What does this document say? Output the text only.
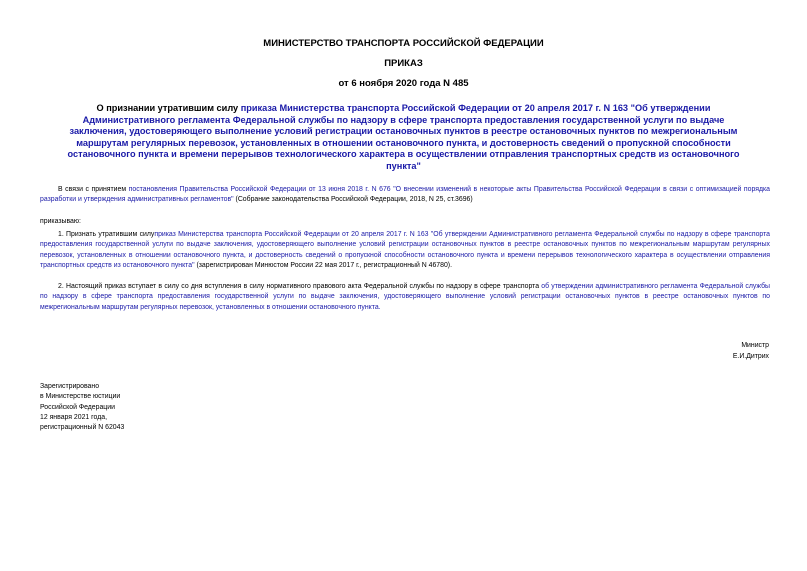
МИНИСТЕРСТВО ТРАНСПОРТА РОССИЙСКОЙ ФЕДЕРАЦИИ
ПРИКАЗ
от 6 ноября 2020 года N 485
О признании утратившим силу приказа Министерства транспорта Российской Федерации от 20 апреля 2017 г. N 163 "Об утверждении Административного регламента Федеральной службы по надзору в сфере транспорта предоставления государственной услуги по выдаче заключения, удостоверяющего выполнение условий регистрации остановочных пунктов в реестре остановочных пунктов по межрегиональным маршрутам регулярных перевозок, установленных в отношении остановочного пункта, и достоверность сведений о пропускной способности остановочного пункта и времени перерывов технологического характера в осуществлении отправления транспортных средств из остановочного пункта"
В связи с принятием постановления Правительства Российской Федерации от 13 июня 2018 г. N 676 "О внесении изменений в некоторые акты Правительства Российской Федерации в связи с оптимизацией порядка разработки и утверждения административных регламентов" (Собрание законодательства Российской Федерации, 2018, N 25, ст.3696)
приказываю:
1. Признать утратившим силуприказ Министерства транспорта Российской Федерации от 20 апреля 2017 г. N 163 "Об утверждении Административного регламента Федеральной службы по надзору в сфере транспорта предоставления государственной услуги по выдаче заключения, удостоверяющего выполнение условий регистрации остановочных пунктов в реестре остановочных пунктов по межрегиональным маршрутам регулярных перевозок, установленных в отношении остановочного пункта, и достоверность сведений о пропускной способности остановочного пункта и времени перерывов технологического характера в осуществлении отправления транспортных средств из остановочного пункта" (зарегистрирован Минюстом России 22 мая 2017 г., регистрационный N 46780).
2. Настоящий приказ вступает в силу со дня вступления в силу нормативного правового акта Федеральной службы по надзору в сфере транспорта об утверждении административного регламента Федеральной службы по надзору в сфере транспорта предоставления государственной услуги по выдаче заключения, удостоверяющего выполнение условий регистрации остановочных пунктов в реестре остановочных пунктов по межрегиональным маршрутам регулярных перевозок, установленных в отношении остановочного пункта.
Министр
Е.И.Дитрих
Зарегистрировано
в Министерстве юстиции
Российской Федерации
12 января 2021 года,
регистрационный N 62043
